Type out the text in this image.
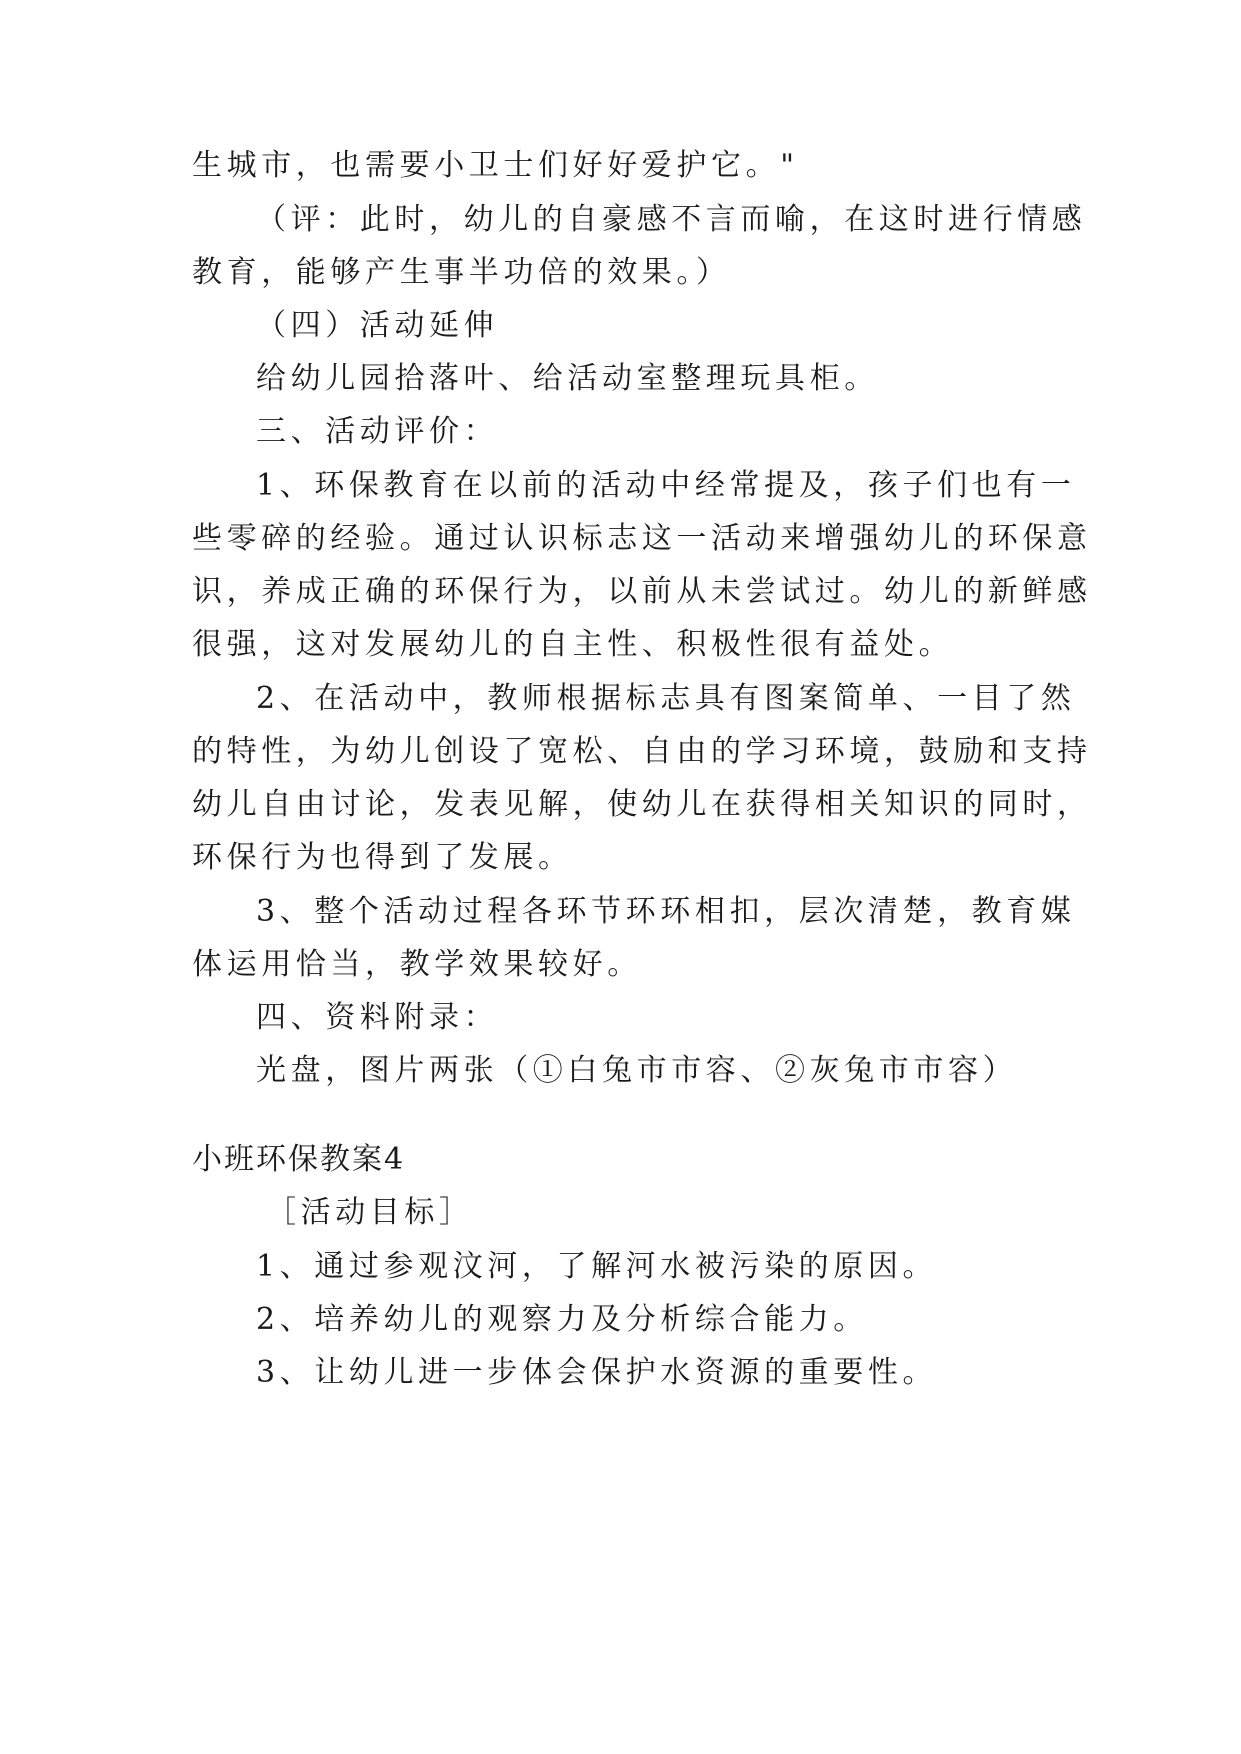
生城市，也需要小卫士们好好爱护它。"
（评：此时，幼儿的自豪感不言而喻，在这时进行情感
教育，能够产生事半功倍的效果。）
（四）活动延伸
给幼儿园拾落叶、给活动室整理玩具柜。
三、活动评价：
1、环保教育在以前的活动中经常提及，孩子们也有一
些零碎的经验。通过认识标志这一活动来增强幼儿的环保意
识，养成正确的环保行为，以前从未尝试过。幼儿的新鲜感
很强，这对发展幼儿的自主性、积极性很有益处。
2、在活动中，教师根据标志具有图案简单、一目了然
的特性，为幼儿创设了宽松、自由的学习环境，鼓励和支持
幼儿自由讨论，发表见解，使幼儿在获得相关知识的同时，
环保行为也得到了发展。
3、整个活动过程各环节环环相扣，层次清楚，教育媒
体运用恰当，教学效果较好。
四、资料附录：
光盘，图片两张（①白兔市市容、②灰兔市市容）
小班环保教案4
［活动目标］
1、通过参观汶河，了解河水被污染的原因。
2、培养幼儿的观察力及分析综合能力。
3、让幼儿进一步体会保护水资源的重要性。
